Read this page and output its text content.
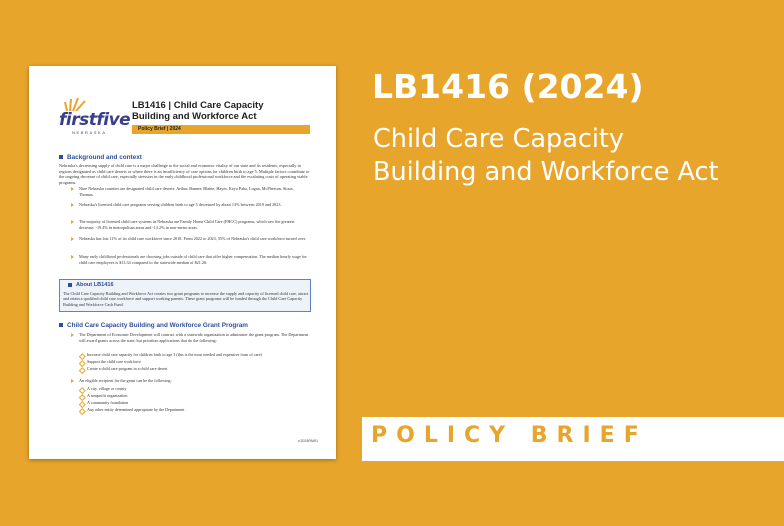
firstfive
NEBRASKA
LB1416 | Child Care Capacity
Building and Workforce Act
Policy Brief | 2024
Background and context
Nebraska's decreasing supply of child care is a major challenge to the social and economic vitality of our state and its residents, especially in regions designated as child care deserts or where there is an insufficiency of care options for children birth to age 5. Multiple factors contribute to the ongoing decrease of child care, especially stressors in the early childhood professional workforce and the escalating costs of operating viable programs.
Nine Nebraska counties are designated child care deserts: Arthur, Banner, Blaine, Hayes, Keya Paha, Logan, McPherson, Sioux, Thomas.
Nebraska's licensed child care programs serving children birth to age 5 decreased by about 13% between 2019 and 2023.
The majority of licensed child care systems in Nebraska are Family Home Child Care (FHCC) programs, which saw the greatest decrease: -19.4% in metropolitan areas and -13.2% in non-metro areas.
Nebraska has lost 11% of its child care workforce since 2018. From 2022 to 2023, 35% of Nebraska's child care workforce turned over.
Many early childhood professionals are choosing jobs outside of child care that offer higher compensation. The median hourly wage for child care employees is $13.34 compared to the statewide median of $21.26.
About LB1416
The Child Care Capacity Building and Workforce Act creates two grant programs to increase the supply and capacity of licensed child care, attract and retain a qualified child care workforce and support working parents. These grant programs will be funded through the Child Care Capacity Building and Workforce Cash Fund.
Child Care Capacity Building and Workforce Grant Program
The Department of Economic Development will contract with a statewide organization to administer the grant program. The Department will award grants across the state, but prioritize applications that do the following:
Increase child care capacity for children birth to age 3 (this is the most needed and expensive form of care)
Support the child care workforce
Create a child care program in a child care desert
An eligible recipient for the grant can be the following:
A city, village or county
A nonprofit organization
A community foundation
Any other entity determined appropriate by the Department
v.2024RM01
LB1416 (2024)
Child Care Capacity
Building and Workforce Act
POLICY BRIEF
